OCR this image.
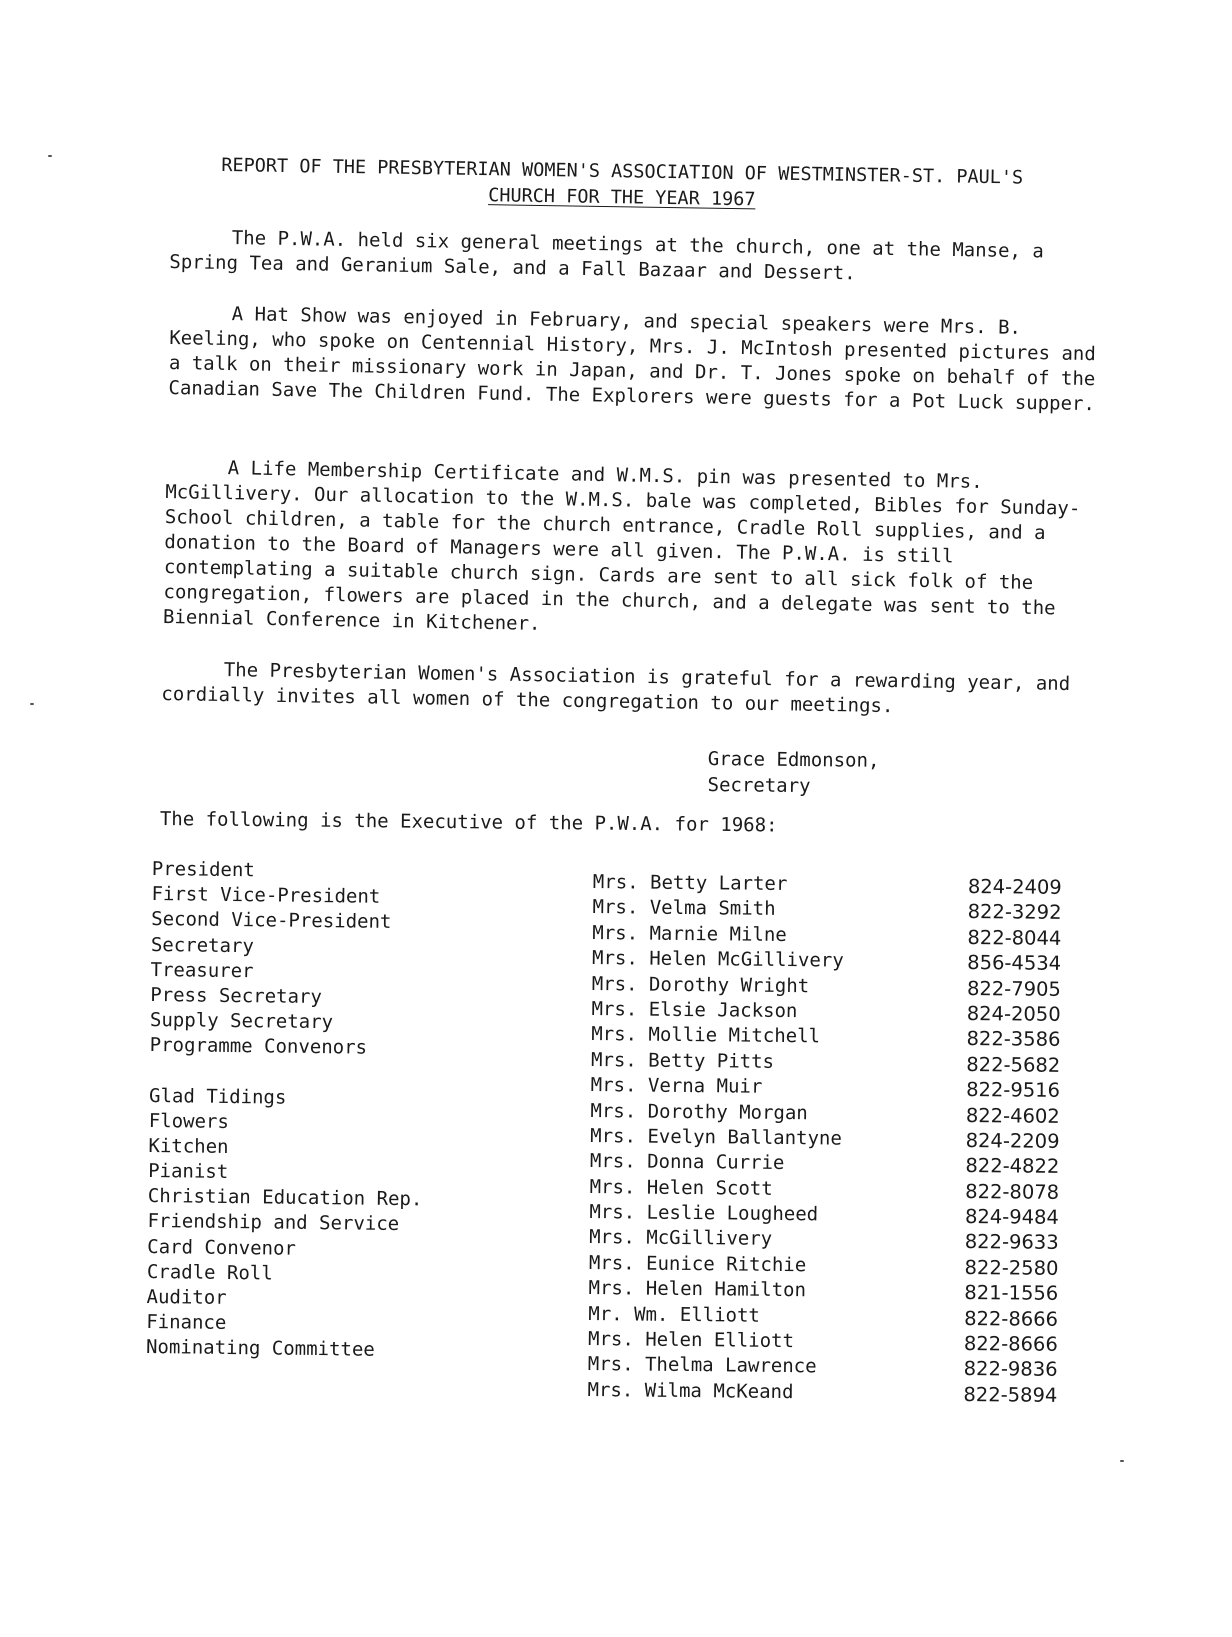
REPORT OF THE PRESBYTERIAN WOMEN'S ASSOCIATION OF WESTMINSTER-ST. PAUL'S
CHURCH FOR THE YEAR 1967

The P.W.A. held six general meetings at the church, one at the Manse, a Spring Tea and Geranium Sale, and a Fall Bazaar and Dessert.

A Hat Show was enjoyed in February, and special speakers were Mrs. B. Keeling, who spoke on Centennial History, Mrs. J. McIntosh presented pictures and a talk on their missionary work in Japan, and Dr. T. Jones spoke on behalf of the Canadian Save The Children Fund. The Explorers were guests for a Pot Luck supper.

A Life Membership Certificate and W.M.S. pin was presented to Mrs. McGillivery. Our allocation to the W.M.S. bale was completed, Bibles for Sunday-School children, a table for the church entrance, Cradle Roll supplies, and a donation to the Board of Managers were all given. The P.W.A. is still contemplating a suitable church sign. Cards are sent to all sick folk of the congregation, flowers are placed in the church, and a delegate was sent to the Biennial Conference in Kitchener.

The Presbyterian Women's Association is grateful for a rewarding year, and cordially invites all women of the congregation to our meetings.

Grace Edmonson,
Secretary
The following is the Executive of the P.W.A. for 1968:
President
First Vice-President
Second Vice-President
Secretary
Treasurer
Press Secretary
Supply Secretary
Programme Convenors
Glad Tidings
Flowers
Kitchen
Pianist
Christian Education Rep.
Friendship and Service
Card Convenor
Cradle Roll
Auditor
Finance
Nominating Committee
Mrs. Betty Larter
Mrs. Velma Smith
Mrs. Marnie Milne
Mrs. Helen McGillivery
Mrs. Dorothy Wright
Mrs. Elsie Jackson
Mrs. Mollie Mitchell
Mrs. Betty Pitts
Mrs. Verna Muir
Mrs. Dorothy Morgan
Mrs. Evelyn Ballantyne
Mrs. Donna Currie
Mrs. Helen Scott
Mrs. Leslie Lougheed
Mrs. McGillivery
Mrs. Eunice Ritchie
Mrs. Helen Hamilton
Mr. Wm. Elliott
Mrs. Helen Elliott
Mrs. Thelma Lawrence
Mrs. Wilma McKeand
824-2409
822-3292
822-8044
856-4534
822-7905
824-2050
822-3586
822-5682
822-9516
822-4602
824-2209
822-4822
822-8078
824-9484
822-9633
822-2580
821-1556
822-8666
822-8666
822-9836
822-5894
